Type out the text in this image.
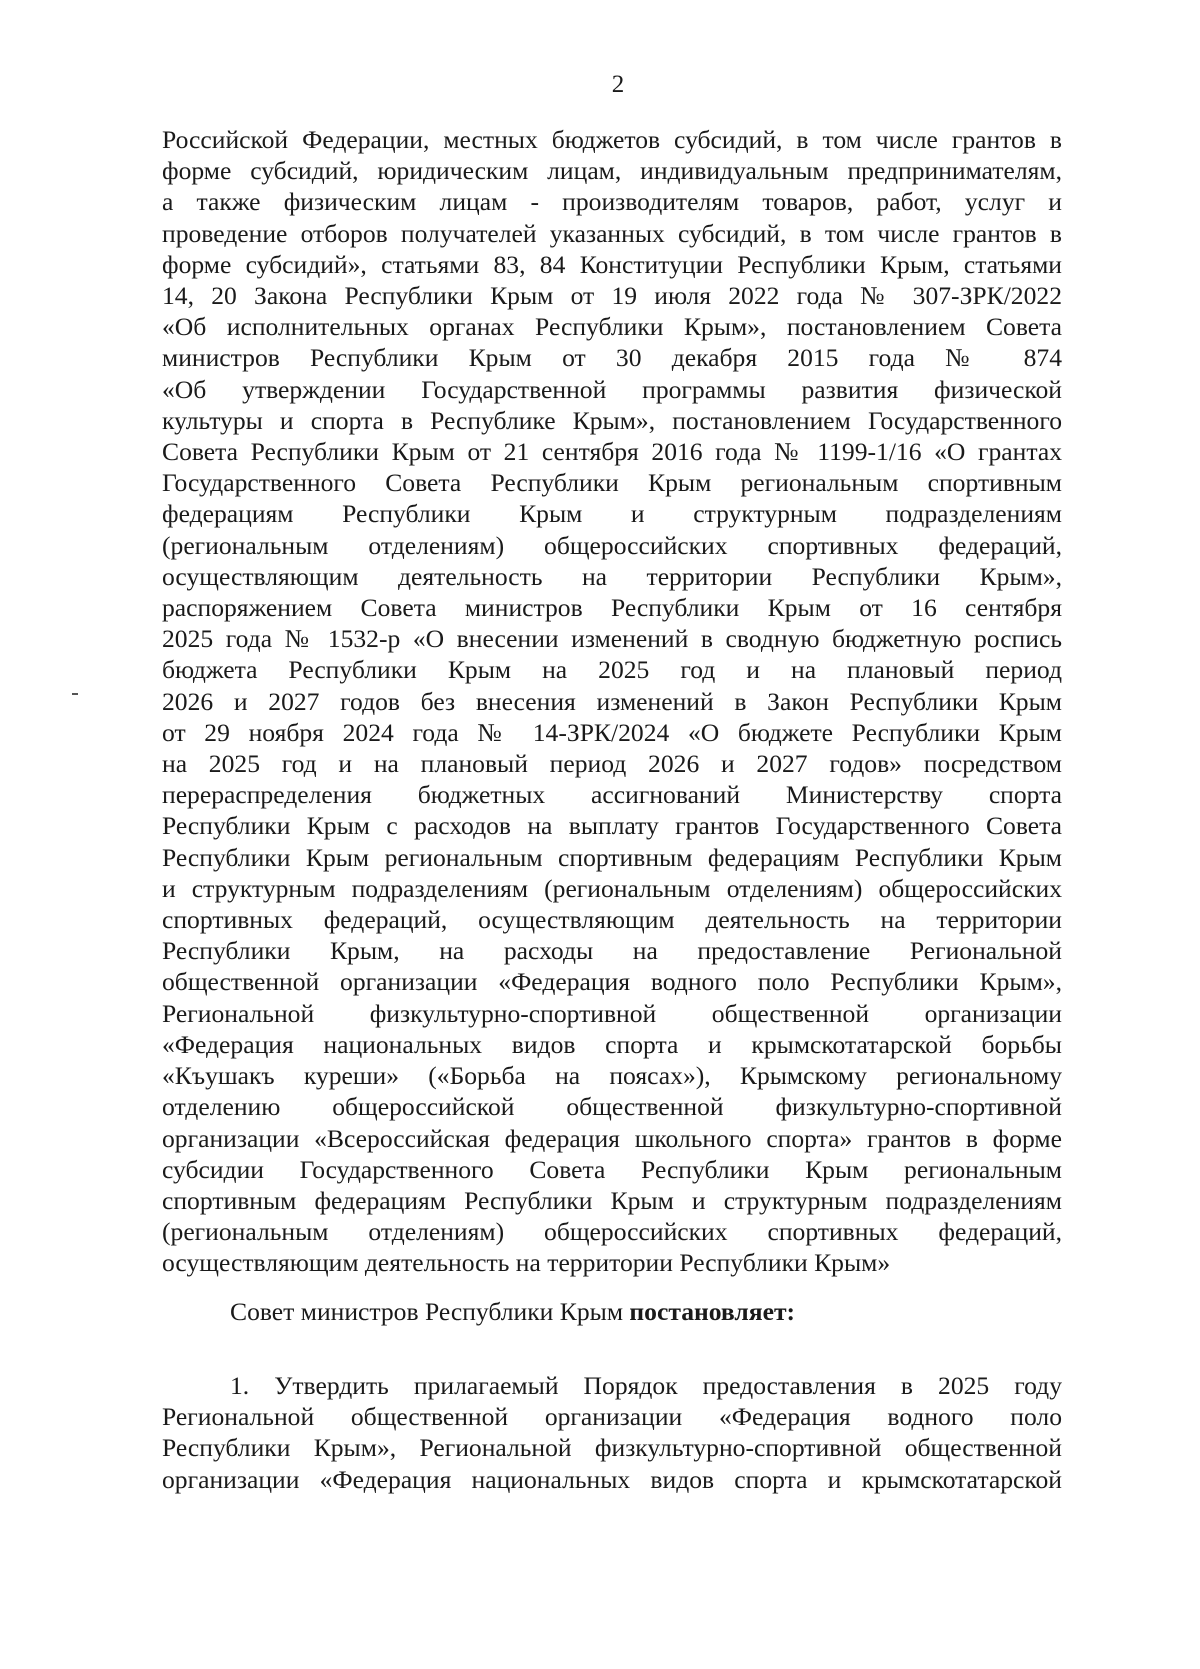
2
Российской Федерации, местных бюджетов субсидий, в том числе грантов в
форме субсидий, юридическим лицам, индивидуальным предпринимателям,
а также физическим лицам - производителям товаров, работ, услуг и
проведение отборов получателей указанных субсидий, в том числе грантов в
форме субсидий», статьями 83, 84 Конституции Республики Крым, статьями
14, 20 Закона Республики Крым от 19 июля 2022 года № 307-ЗРК/2022
«Об исполнительных органах Республики Крым», постановлением Совета
министров Республики Крым от 30 декабря 2015 года № 874
«Об утверждении Государственной программы развития физической
культуры и спорта в Республике Крым», постановлением Государственного
Совета Республики Крым от 21 сентября 2016 года № 1199-1/16 «О грантах
Государственного Совета Республики Крым региональным спортивным
федерациям Республики Крым и структурным подразделениям
(региональным отделениям) общероссийских спортивных федераций,
осуществляющим деятельность на территории Республики Крым»,
распоряжением Совета министров Республики Крым от 16 сентября
2025 года № 1532-р «О внесении изменений в сводную бюджетную роспись
бюджета Республики Крым на 2025 год и на плановый период
2026 и 2027 годов без внесения изменений в Закон Республики Крым
от 29 ноября 2024 года № 14-ЗРК/2024 «О бюджете Республики Крым
на 2025 год и на плановый период 2026 и 2027 годов» посредством
перераспределения бюджетных ассигнований Министерству спорта
Республики Крым с расходов на выплату грантов Государственного Совета
Республики Крым региональным спортивным федерациям Республики Крым
и структурным подразделениям (региональным отделениям) общероссийских
спортивных федераций, осуществляющим деятельность на территории
Республики Крым, на расходы на предоставление Региональной
общественной организации «Федерация водного поло Республики Крым»,
Региональной физкультурно-спортивной общественной организации
«Федерация национальных видов спорта и крымскотатарской борьбы
«Къушакъ куреши» («Борьба на поясах»), Крымскому региональному
отделению общероссийской общественной физкультурно-спортивной
организации «Всероссийская федерация школьного спорта» грантов в форме
субсидии Государственного Совета Республики Крым региональным
спортивным федерациям Республики Крым и структурным подразделениям
(региональным отделениям) общероссийских спортивных федераций,
осуществляющим деятельность на территории Республики Крым»
Совет министров Республики Крым постановляет:
1. Утвердить прилагаемый Порядок предоставления в 2025 году
Региональной общественной организации «Федерация водного поло
Республики Крым», Региональной физкультурно-спортивной общественной
организации «Федерация национальных видов спорта и крымскотатарской
